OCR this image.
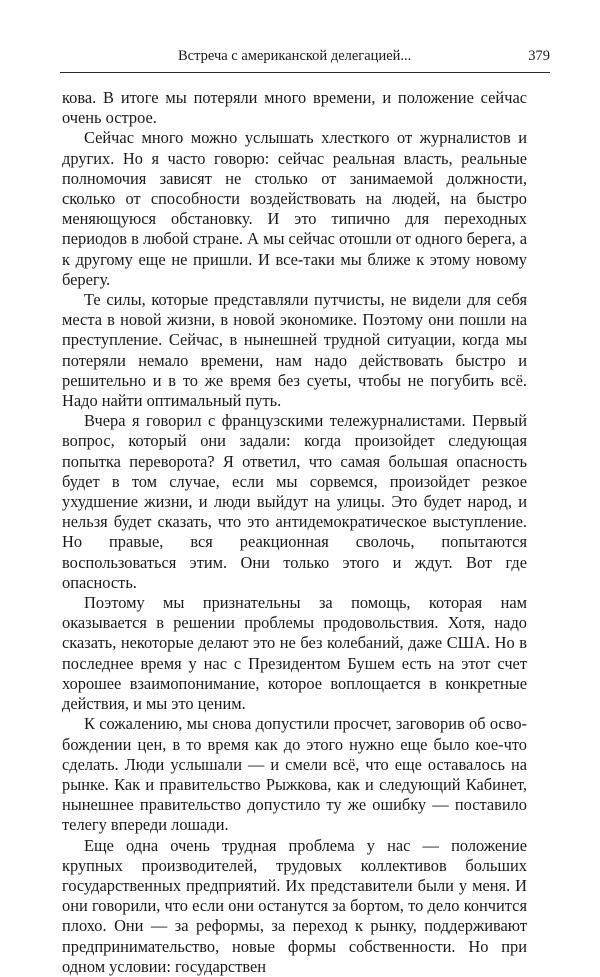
Встреча с американской делегацией...	379

кова. В итоге мы потеряли много времени, и положение сейчас очень острое.

Сейчас много можно услышать хлесткого от журналистов и других. Но я часто говорю: сейчас реальная власть, реальные полномочия зависят не столько от занимаемой должности, сколько от способности воздействовать на людей, на быстро меняющуюся обстановку. И это типично для переходных периодов в любой стране. А мы сейчас отошли от одного берега, а к другому еще не пришли. И все-таки мы ближе к этому новому берегу.

Те силы, которые представляли путчисты, не видели для себя места в новой жизни, в новой экономике. Поэтому они пошли на преступление. Сейчас, в нынешней трудной ситуации, когда мы потеряли немало времени, нам надо действовать быстро и решительно и в то же время без суеты, чтобы не погубить всё. Надо найти оптимальный путь.

Вчера я говорил с французскими тележурналистами. Первый вопрос, который они задали: когда произойдет следующая попытка переворота? Я ответил, что самая большая опасность будет в том случае, если мы сорвемся, произойдет резкое ухудшение жизни, и люди выйдут на улицы. Это будет народ, и нельзя будет сказать, что это антидемократическое выступление. Но правые, вся реакционная сволочь, попытаются воспользоваться этим. Они только этого и ждут. Вот где опасность.

Поэтому мы признательны за помощь, которая нам оказывается в решении проблемы продовольствия. Хотя, надо сказать, некоторые делают это не без колебаний, даже США. Но в последнее время у нас с Президентом Бушем есть на этот счет хорошее взаимопонимание, которое воплощается в конкретные действия, и мы это ценим.

К сожалению, мы снова допустили просчет, заговорив об освобождении цен, в то время как до этого нужно еще было кое-что сделать. Люди услышали — и смели всё, что еще оставалось на рынке. Как и правительство Рыжкова, как и следующий Кабинет, нынешнее правительство допустило ту же ошибку — поставило телегу впереди лошади.

Еще одна очень трудная проблема у нас — положение крупных производителей, трудовых коллективов больших государственных предприятий. Их представители были у меня. И они говорили, что если они останутся за бортом, то дело кончится плохо. Они — за реформы, за переход к рынку, поддерживают предпринимательство, новые формы собственности. Но при одном условии: государствен
